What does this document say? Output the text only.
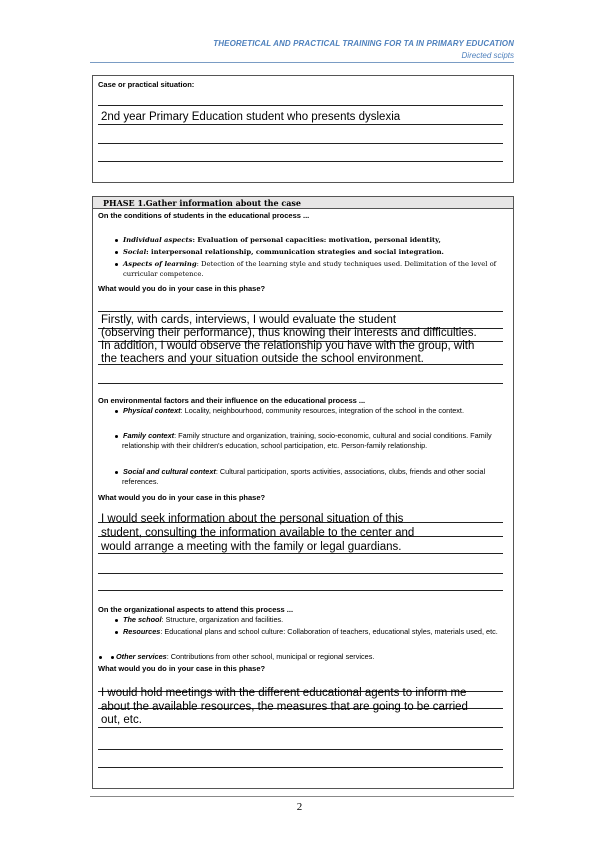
THEORETICAL AND PRACTICAL TRAINING FOR TA IN PRIMARY EDUCATION
Directed scipts
Case or practical situation:
2nd year Primary Education student who presents dyslexia
PHASE 1.Gather information about the case
On the conditions of students in the educational process ...
Individual aspects: Evaluation of personal capacities: motivation, personal identity,
Social: interpersonal relationship, communication strategies and social integration.
Aspects of learning: Detection of the learning style and study techniques used. Delimitation of the level of curricular competence.
What would you do in your case in this phase?
Firstly, with cards, interviews, I would evaluate the student
(observing their performance), thus knowing their interests and difficulties.
In addition, I would observe the relationship you have with the group, with
the teachers and your situation outside the school environment.
On environmental factors and their influence on the educational process ...
Physical context: Locality, neighbourhood, community resources, integration of the school in the context.
Family context: Family structure and organization, training, socio-economic, cultural and social conditions. Family relationship with their children's education, school participation, etc. Person-family relationship.
Social and cultural context: Cultural participation, sports activities, associations, clubs, friends and other social references.
What would you do in your case in this phase?
I would seek information about the personal situation of this
student, consulting the information available to the center and
would arrange a meeting with the family or legal guardians.
On the organizational aspects to attend this process ...
The school: Structure, organization and facilities.
Resources: Educational plans and school culture: Collaboration of teachers, educational styles, materials used, etc.
Other services: Contributions from other school, municipal or regional services.
What would you do in your case in this phase?
I would hold meetings with the different educational agents to inform me
about the available resources, the measures that are going to be carried
out, etc.
2
